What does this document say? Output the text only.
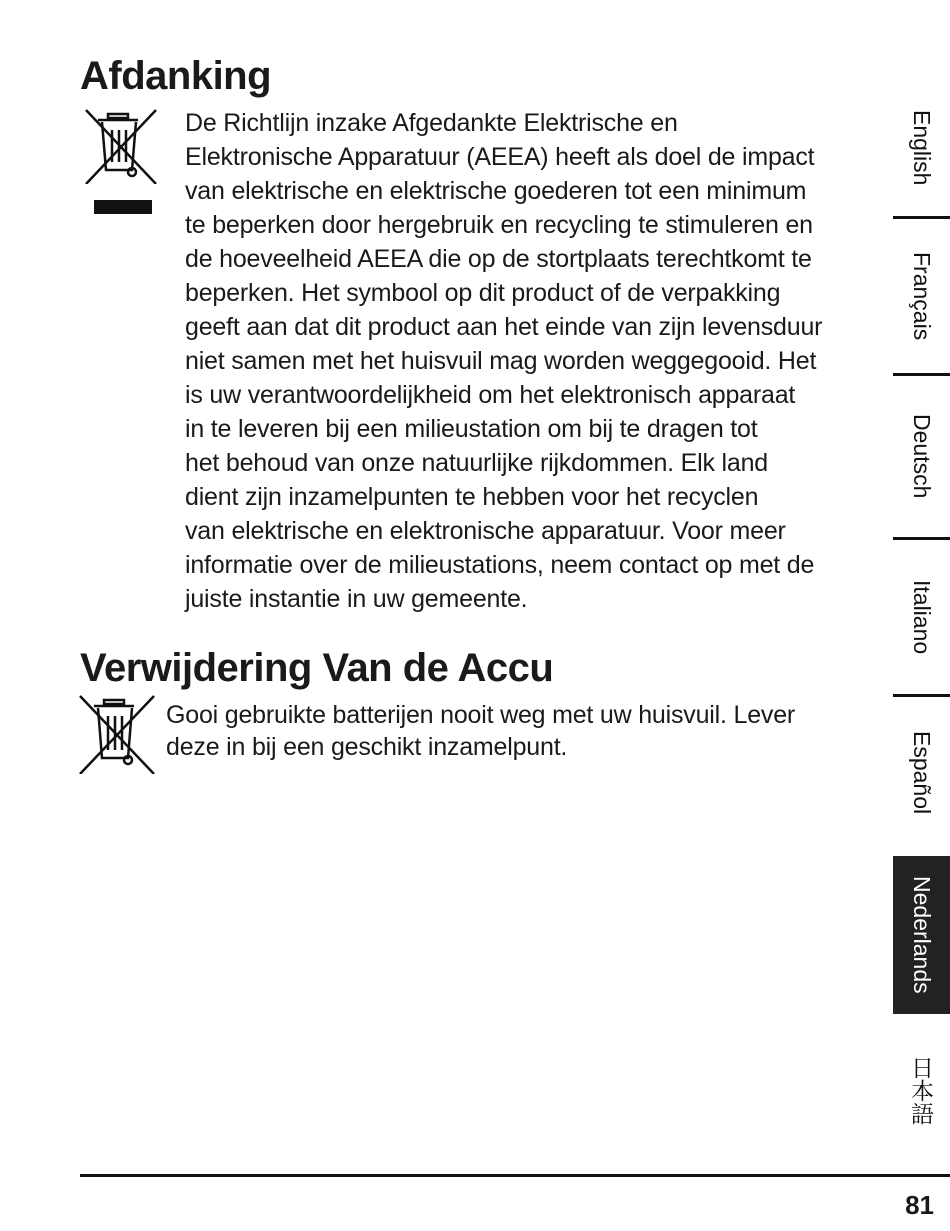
Afdanking

De Richtlijn inzake Afgedankte Elektrische en
Elektronische Apparatuur (AEEA) heeft als doel de impact
van elektrische en elektrische goederen tot een minimum
te beperken door hergebruik en recycling te stimuleren en
de hoeveelheid AEEA die op de stortplaats terechtkomt te
beperken. Het symbool op dit product of de verpakking
geeft aan dat dit product aan het einde van zijn levensduur
niet samen met het huisvuil mag worden weggegooid. Het
is uw verantwoordelijkheid om het elektronisch apparaat
in te leveren bij een milieustation om bij te dragen tot
het behoud van onze natuurlijke rijkdommen. Elk land
dient zijn inzamelpunten te hebben voor het recyclen
van elektrische en elektronische apparatuur. Voor meer
informatie over de milieustations, neem contact op met de
juiste instantie in uw gemeente.

Verwijdering Van de Accu

Gooi gebruikte batterijen nooit weg met uw huisvuil. Lever
deze in bij een geschikt inzamelpunt.

English
Français
Deutsch
Italiano
Español
Nederlands
日本語

81
